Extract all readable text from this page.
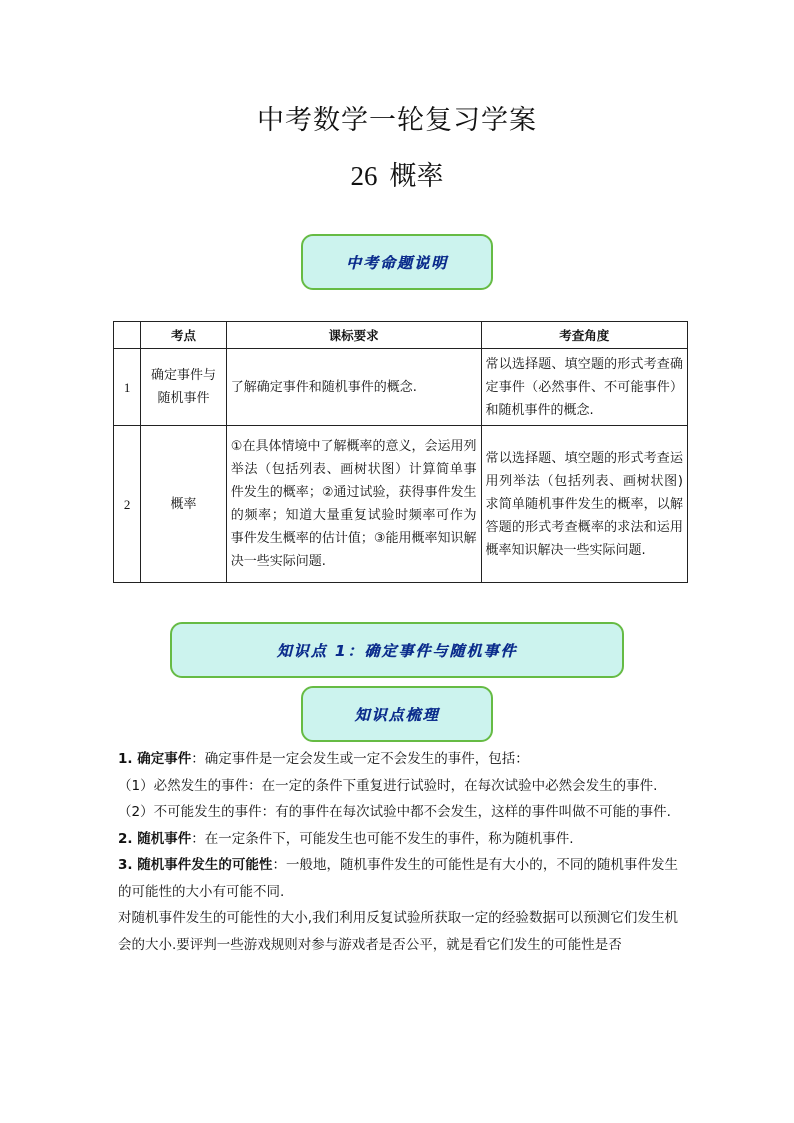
中考数学一轮复习学案
26 概率
中考命题说明
	考点	课标要求	考查角度
1	确定事件与随机事件	了解确定事件和随机事件的概念.	常以选择题、填空题的形式考查确定事件（必然事件、不可能事件）和随机事件的概念.
2	概率	①在具体情境中了解概率的意义，会运用列举法（包括列表、画树状图）计算简单事件发生的概率；②通过试验，获得事件发生的频率；知道大量重复试验时频率可作为事件发生概率的估计值；③能用概率知识解决一些实际问题.	常以选择题、填空题的形式考查运用列举法（包括列表、画树状图)求简单随机事件发生的概率，以解答题的形式考查概率的求法和运用概率知识解决一些实际问题.
知识点 1：确定事件与随机事件
知识点梳理

1. 确定事件：确定事件是一定会发生或一定不会发生的事件，包括：

（1）必然发生的事件：在一定的条件下重复进行试验时，在每次试验中必然会发生的事件.

（2）不可能发生的事件：有的事件在每次试验中都不会发生，这样的事件叫做不可能的事件.

2. 随机事件：在一定条件下，可能发生也可能不发生的事件，称为随机事件.

3. 随机事件发生的可能性：一般地，随机事件发生的可能性是有大小的，不同的随机事件发生的可能性的大小有可能不同.

对随机事件发生的可能性的大小,我们利用反复试验所获取一定的经验数据可以预测它们发生机会的大小.要评判一些游戏规则对参与游戏者是否公平，就是看它们发生的可能性是否
